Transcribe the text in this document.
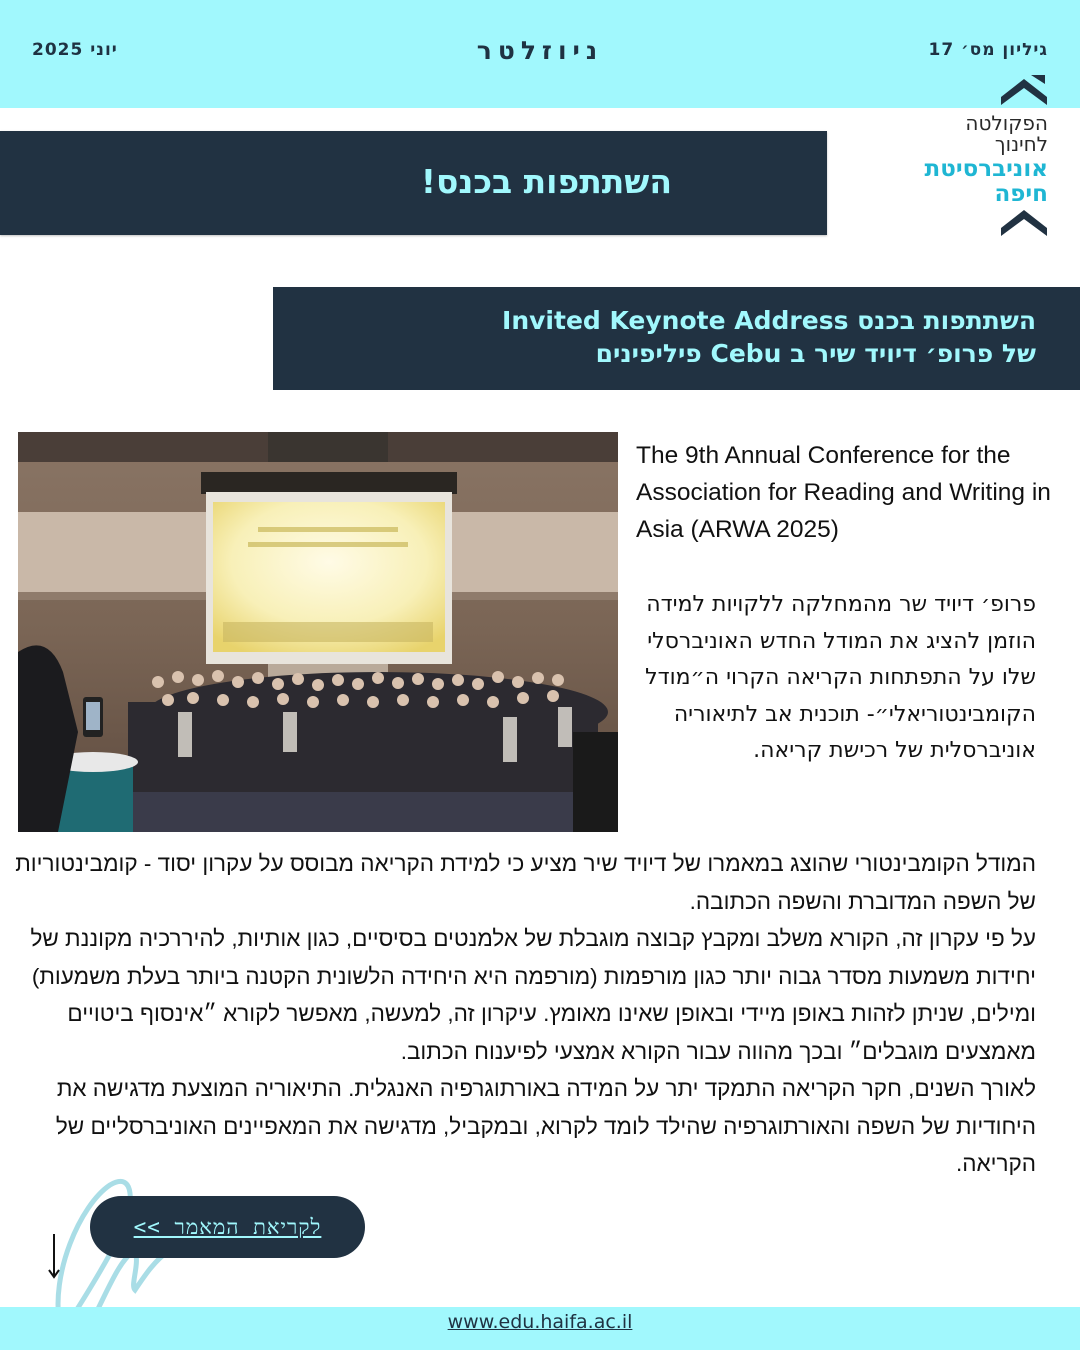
גיליון מס׳ 17
ניוזלטר
יוני 2025
הפקולטה
לחינוך
אוניברסיטת
חיפה
השתתפות בכנס!
השתתפות בכנס Invited Keynote Address
של פרופ׳ דיויד שיר ב Cebu פיליפינים
The 9th Annual Conference for the Association for Reading and Writing in Asia (ARWA 2025)
פרופ׳ דיויד שר מהמחלקה ללקויות למידה הוזמן להציג את המודל החדש האוניברסלי שלו על התפתחות הקריאה הקרוי ה״מודל הקומבינטוריאלי״- תוכנית אב לתיאוריה אוניברסלית של רכישת קריאה.

המודל הקומבינטורי שהוצג במאמרו של דיויד שיר מציע כי למידת הקריאה מבוסס על עקרון יסוד - קומבינטוריות של השפה המדוברת והשפה הכתובה.

על פי עקרון זה, הקורא משלב ומקבץ קבוצה מוגבלת של אלמנטים בסיסיים, כגון אותיות, להיררכיה מקוננת של יחידות משמעות מסדר גבוה יותר כגון מורפמות (מורפמה היא היחידה הלשונית הקטנה ביותר בעלת משמעות) ומילים, שניתן לזהות באופן מיידי ובאופן שאינו מאומץ. עיקרון זה, למעשה, מאפשר לקורא ״אינסוף ביטויים מאמצעים מוגבלים״ ובכך מהווה עבור הקורא אמצעי לפיענוח הכתוב.

לאורך השנים, חקר הקריאה התמקד יתר על המידה באורתוגרפיה האנגלית. התיאוריה המוצעת מדגישה את היחודיות של השפה והאורתוגרפיה שהילד לומד לקרוא, ובמקביל, מדגישה את המאפיינים האוניברסליים של הקריאה.

לקריאת המאמר >>
www.edu.haifa.ac.il
